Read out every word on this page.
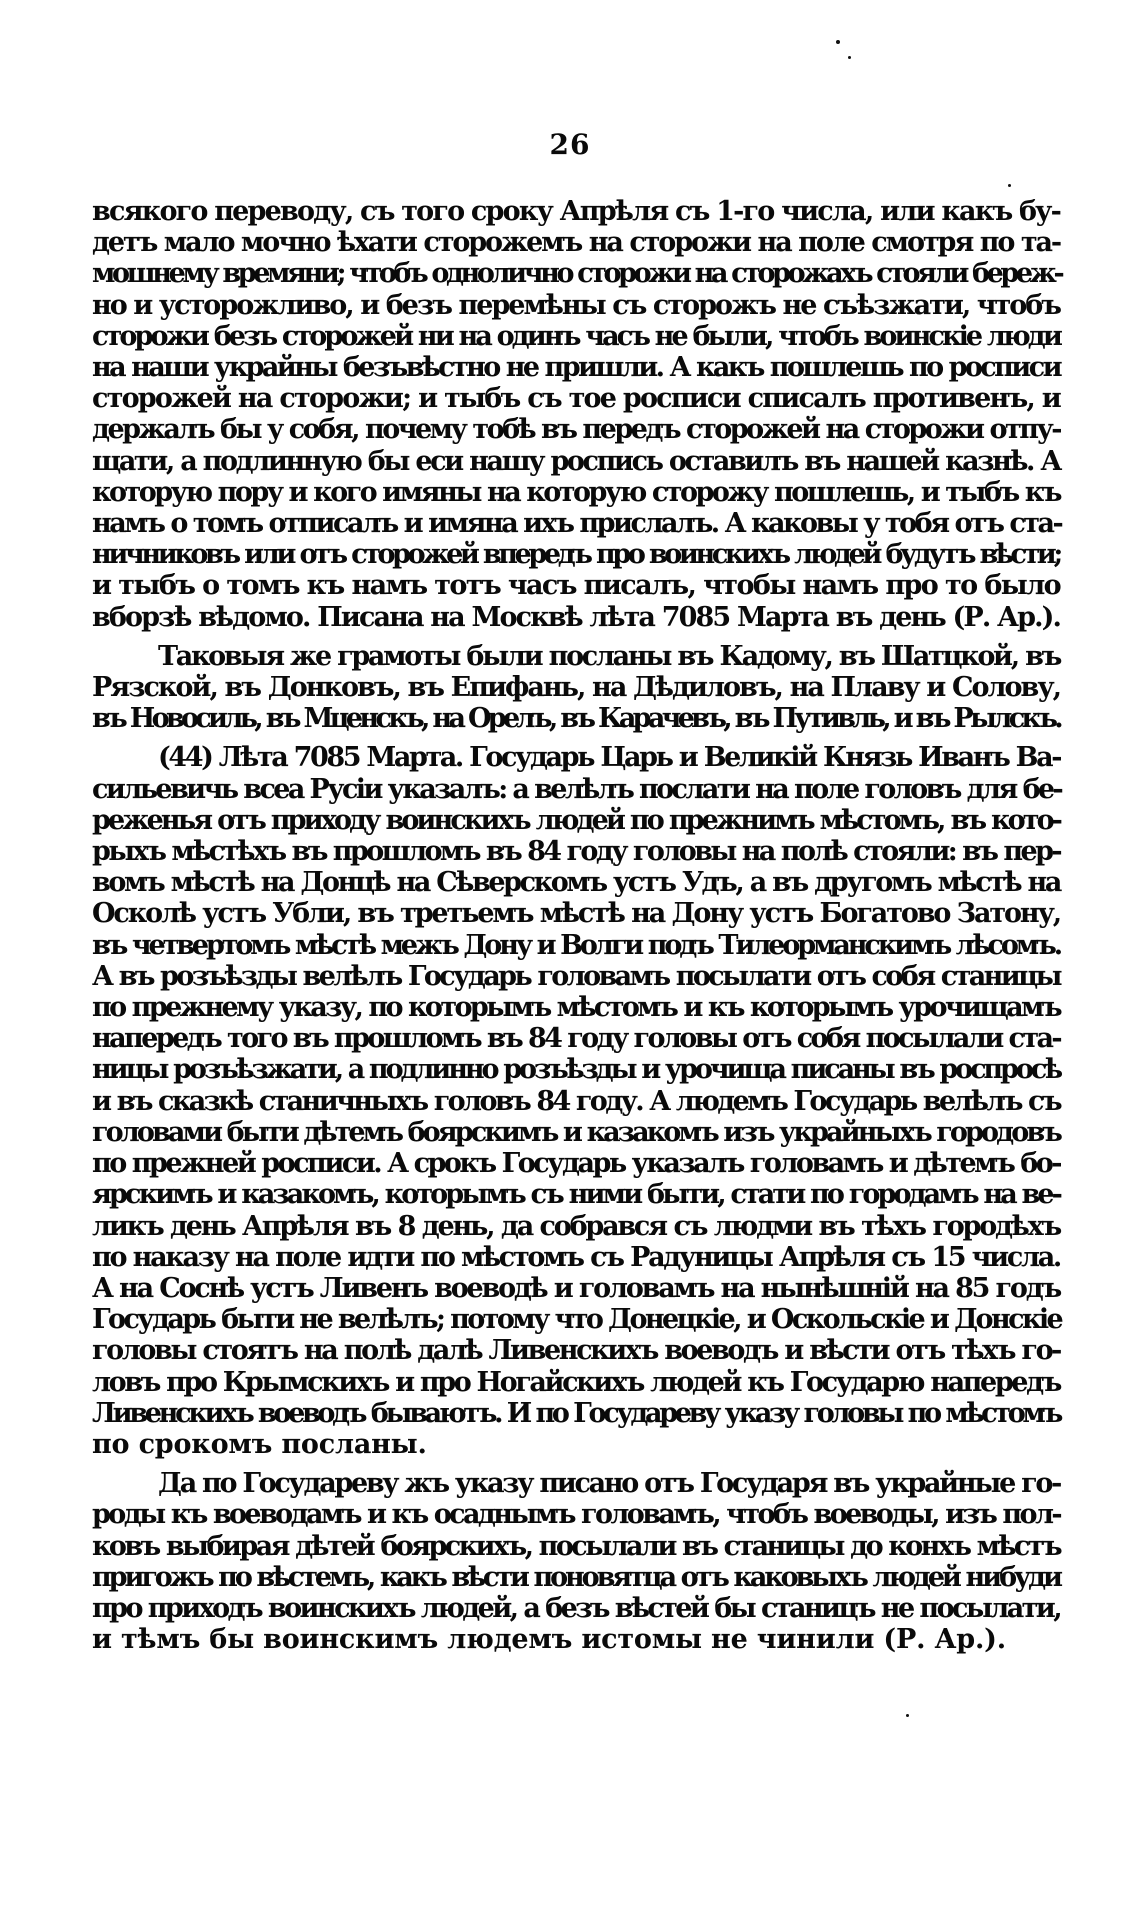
26
всякого переводу, съ того сроку Апрѣля съ 1-го числа, или какъ бу-
детъ мало мочно ѣхати сторожемъ на сторожи на поле смотря по та-
мошнему времяни; чтобъ однолично сторожи на сторожахъ стояли береж-
но и усторожливо, и безъ перемѣны съ сторожъ не съѣзжати, чтобъ
сторожи безъ сторожей ни на одинъ часъ не были, чтобъ воинскіе люди
на наши украйны безъвѣстно не пришли. А какъ пошлешь по росписи
сторожей на сторожи; и тыбъ съ тое росписи списалъ противенъ, и
держалъ бы у собя, почему тобѣ въ передъ сторожей на сторожи отпу-
щати, а подлинную бы еси нашу роспись оставилъ въ нашей казнѣ. А
которую пору и кого имяны на которую сторожу пошлешь, и тыбъ къ
намъ о томъ отписалъ и имяна ихъ прислалъ. А каковы у тобя отъ ста-
ничниковъ или отъ сторожей впередъ про воинскихъ людей будутъ вѣсти;
и тыбъ о томъ къ намъ тотъ часъ писалъ, чтобы намъ про то было
вборзѣ вѣдомо. Писана на Москвѣ лѣта 7085 Марта въ день (Р. Ар.).
Таковыя же грамоты были посланы въ Кадому, въ Шатцкой, въ
Рязской, въ Донковъ, въ Епифань, на Дѣдиловъ, на Плаву и Солову,
въ Новосиль, въ Мценскъ, на Орелъ, въ Карачевъ, въ Путивль, и въ Рылскъ.
(44) Лѣта 7085 Марта. Государь Царь и Великій Князь Иванъ Ва-
сильевичь всеа Русіи указалъ: а велѣлъ послати на поле головъ для бе-
реженья отъ приходу воинскихъ людей по прежнимъ мѣстомъ, въ кото-
рыхъ мѣстѣхъ въ прошломъ въ 84 году головы на полѣ стояли: въ пер-
вомъ мѣстѣ на Донцѣ на Сѣверскомъ устъ Удъ, а въ другомъ мѣстѣ на
Осколѣ устъ Убли, въ третьемъ мѣстѣ на Дону устъ Богатово Затону,
въ четвертомъ мѣстѣ межъ Дону и Волги подъ Тилеорманскимъ лѣсомъ.
А въ розъѣзды велѣлъ Государь головамъ посылати отъ собя станицы
по прежнему указу, по которымъ мѣстомъ и къ которымъ урочищамъ
напередъ того въ прошломъ въ 84 году головы отъ собя посылали ста-
ницы розъѣзжати, а подлинно розъѣзды и урочища писаны въ роспросѣ
и въ сказкѣ станичныхъ головъ 84 году. А людемъ Государь велѣлъ съ
головами быти дѣтемъ боярскимъ и казакомъ изъ украйныхъ городовъ
по прежней росписи. А срокъ Государь указалъ головамъ и дѣтемъ бо-
ярскимъ и казакомъ, которымъ съ ними быти, стати по городамъ на ве-
ликъ день Апрѣля въ 8 день, да собрався съ людми въ тѣхъ городѣхъ
по наказу на поле идти по мѣстомъ съ Радуницы Апрѣля съ 15 числа.
А на Соснѣ устъ Ливенъ воеводѣ и головамъ на нынѣшній на 85 годъ
Государь быти не велѣлъ; потому что Донецкіе, и Оскольскіе и Донскіе
головы стоятъ на полѣ далѣ Ливенскихъ воеводъ и вѣсти отъ тѣхъ го-
ловъ про Крымскихъ и про Ногайскихъ людей къ Государю напередъ
Ливенскихъ воеводъ бываютъ. И по Государеву указу головы по мѣстомъ
по срокомъ посланы.
Да по Государеву жъ указу писано отъ Государя въ украйные го-
роды къ воеводамъ и къ осаднымъ головамъ, чтобъ воеводы, изъ пол-
ковъ выбирая дѣтей боярскихъ, посылали въ станицы до конхъ мѣстъ
пригожъ по вѣстемъ, какъ вѣсти поновятца отъ каковыхъ людей нибуди
про приходъ воинскихъ людей, а безъ вѣстей бы станицъ не посылати,
и тѣмъ бы воинскимъ людемъ истомы не чинили (Р. Ар.).
